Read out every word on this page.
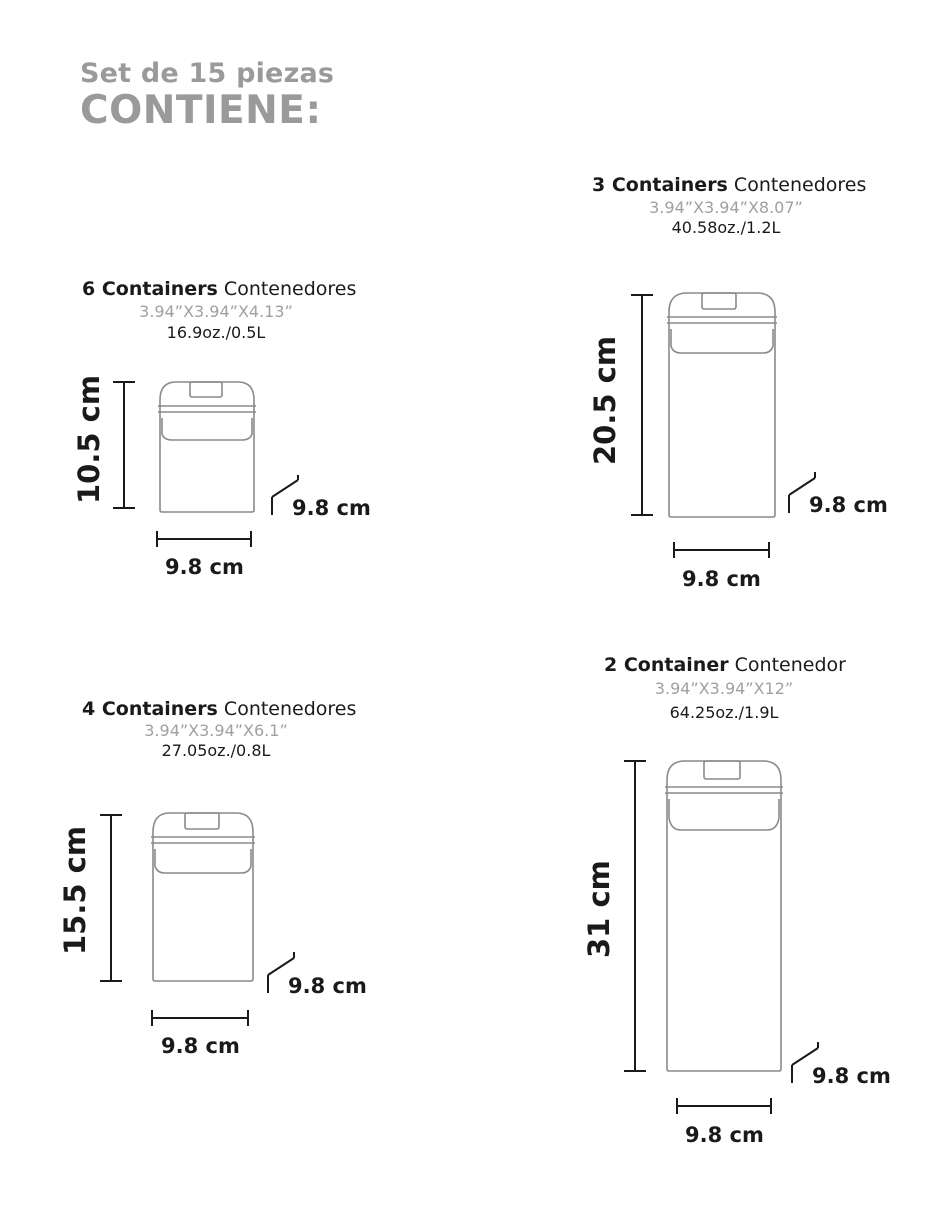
Set de 15 piezas
CONTIENE:
6 Containers Contenedores
3.94”X3.94”X4.13”
16.9oz./0.5L
3 Containers Contenedores
3.94”X3.94”X8.07”
40.58oz./1.2L
4 Containers Contenedores
3.94”X3.94”X6.1”
27.05oz./0.8L
2 Container Contenedor
3.94”X3.94”X12”
64.25oz./1.9L
10.5 cm
9.8 cm
9.8 cm
20.5 cm
9.8 cm
9.8 cm
15.5 cm
9.8 cm
9.8 cm
31 cm
9.8 cm
9.8 cm
